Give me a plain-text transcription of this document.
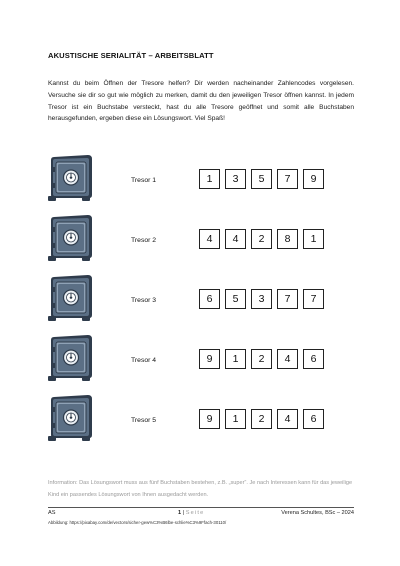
AKUSTISCHE SERIALITÄT – ARBEITSBLATT
Kannst du beim Öffnen der Tresore helfen? Dir werden nacheinander Zahlencodes vorgelesen. Versuche sie dir so gut wie möglich zu merken, damit du den jeweiligen Tresor öffnen kannst. In jedem Tresor ist ein Buchstabe versteckt, hast du alle Tresore geöffnet und somit alle Buchstaben herausgefunden, ergeben diese ein Lösungswort. Viel Spaß!
Tresor 1	1	3	5	7	9
Tresor 2	4	4	2	8	1
Tresor 3	6	5	3	7	7
Tresor 4	9	1	2	4	6
Tresor 5	9	1	2	4	6
Information: Das Lösungswort muss aus fünf Buchstaben bestehen, z.B. „super“. Je nach Interessen kann für das jeweilige Kind ein passendes Lösungswort von Ihnen ausgedacht werden.
AS	1 | Seite	Verena Schultes, BSc – 2024
Abbildung: https://pixabay.com/de/vectors/sicher-gew%C3%B6lbe-schlie%C3%9Ffach-30110/
